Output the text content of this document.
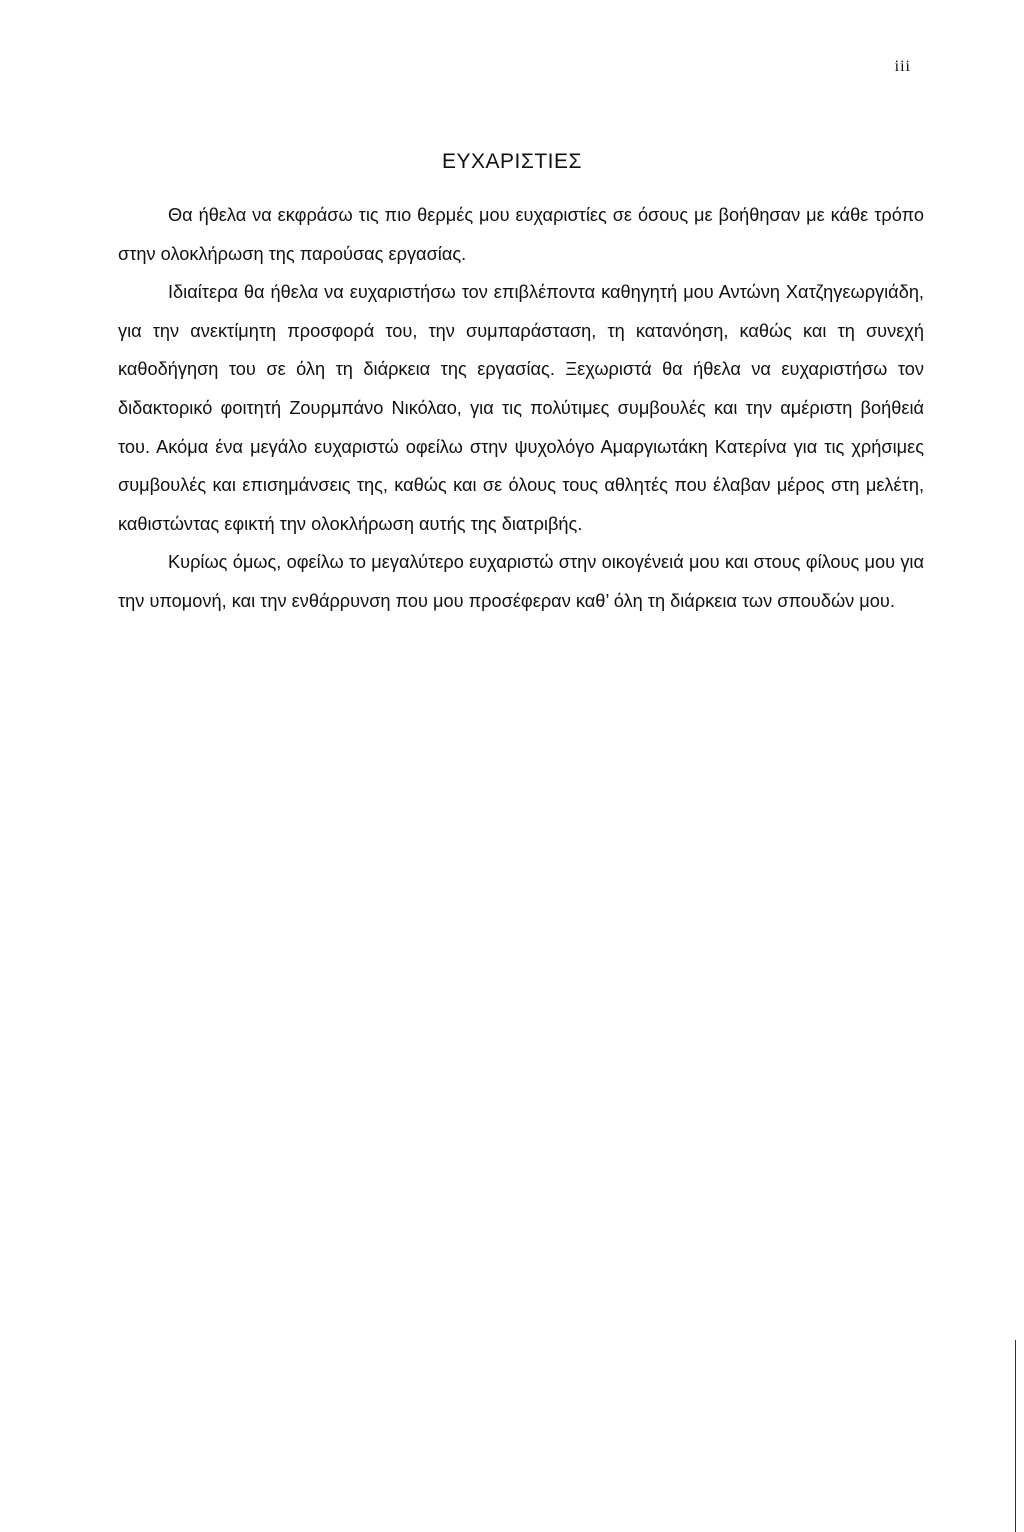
iii
ΕΥΧΑΡΙΣΤΙΕΣ

Θα ήθελα να εκφράσω τις πιο θερμές μου ευχαριστίες σε όσους με βοήθησαν με κάθε τρόπο στην ολοκλήρωση της παρούσας εργασίας.

Ιδιαίτερα θα ήθελα να ευχαριστήσω τον επιβλέποντα καθηγητή μου Αντώνη Χατζηγεωργιάδη, για την ανεκτίμητη προσφορά του, την συμπαράσταση, τη κατανόηση, καθώς και τη συνεχή καθοδήγηση του σε όλη τη διάρκεια της εργασίας. Ξεχωριστά θα ήθελα να ευχαριστήσω τον διδακτορικό φοιτητή Ζουρμπάνο Νικόλαο, για τις πολύτιμες συμβουλές και την αμέριστη βοήθειά του. Ακόμα ένα μεγάλο ευχαριστώ οφείλω στην ψυχολόγο Αμαργιωτάκη Κατερίνα για τις χρήσιμες συμβουλές και επισημάνσεις της, καθώς και σε όλους τους αθλητές που έλαβαν μέρος στη μελέτη, καθιστώντας εφικτή την ολοκλήρωση αυτής της διατριβής.

Κυρίως όμως, οφείλω το μεγαλύτερο ευχαριστώ στην οικογένειά μου και στους φίλους μου για την υπομονή, και την ενθάρρυνση που μου προσέφεραν καθ’ όλη τη διάρκεια των σπουδών μου.
